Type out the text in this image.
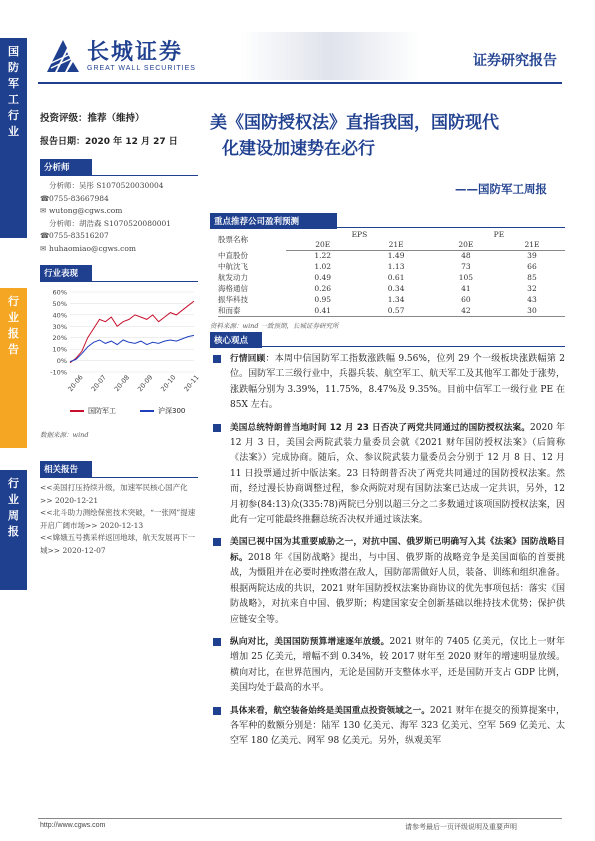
国
防
军
工
行
业
行
业
报
告
行
业
周
报
长城证券
GREAT WALL SECURITIES	证券研究报告
投资评级：推荐（维持）
报告日期：2020 年 12 月 27 日
分析师
分析师：吴彤 S1070520030004
☎0755-83667984
✉ wutong@cgws.com
分析师：胡浩森 S1070520080001
☎0755-83516207
✉ huhaomiao@cgws.com
行业表现
60%
50%
40%
30%
20%
10%
0%
-10%
20-06 20-07 20-08 20-09 20-10 20-11
国防军工	沪深300
数据来源：wind
相关报告
<<美国打压持续升级，加速军民核心国产化>> 2020-12-21
<<北斗助力测绘保密技术突破，“一张网”提速开启广阔市场>> 2020-12-13
<<嫦娥五号携采样返回地球，航天发展再下一城>> 2020-12-07
美《国防授权法》直指我国，国防现代
化建设加速势在必行
——国防军工周报
重点推荐公司盈利预测
股票名称	EPS		PE	
	20E	21E	20E	21E
中直股份	1.22	1.49	48	39
中航沈飞	1.02	1.13	73	66
航发动力	0.49	0.61	105	85
海格通信	0.26	0.34	41	32
振华科技	0.95	1.34	60	43
和而泰	0.41	0.57	42	30
资料来源：wind 一致预期，长城证券研究所
核心观点
行情回顾：本周中信国防军工指数涨跌幅 9.56%，位列 29 个一级板块涨跌幅第 2 位。国防军工三级行业中，兵器兵装、航空军工、航天军工及其他军工都处于涨势，涨跌幅分别为 3.39%，11.75%，8.47%及 9.35%。目前中信军工一级行业 PE 在 85X 左右。
美国总统特朗普当地时间 12 月 23 日否决了两党共同通过的国防授权法案。2020 年 12 月 3 日，美国会两院武装力量委员会就《2021 财年国防授权法案》（后简称《法案》）完成协商。随后，众、参议院武装力量委员会分别于 12 月 8 日、12 月 11 日投票通过折中版法案。23 日特朗普否决了两党共同通过的国防授权法案。然而，经过漫长协商调整过程，参众两院对现有国防法案已达成一定共识，另外，12 月初参(84:13)众(335:78)两院已分别以超三分之二多数通过该项国防授权法案，因此有一定可能最终推翻总统否决权并通过该法案。
美国已视中国为其重要威胁之一，对抗中国、俄罗斯已明确写入其《法案》国防战略目标。2018 年《国防战略》提出，与中国、俄罗斯的战略竞争是美国面临的首要挑战，为慑阻并在必要时挫败潜在敌人，国防部需做好人员，装备、训练和组织准备。根据两院达成的共识，2021 财年国防授权法案协商协议的优先事项包括：落实《国防战略》，对抗来自中国、俄罗斯；构建国家安全创新基础以维持技术优势；保护供应链安全等。
纵向对比，美国国防预算增速逐年放缓。2021 财年的 7405 亿美元，仅比上一财年增加 25 亿美元，增幅不到 0.34%，较 2017 财年至 2020 财年的增速明显放缓。横向对比，在世界范围内，无论是国防开支整体水平，还是国防开支占 GDP 比例，美国均处于最高的水平。
具体来看，航空装备始终是美国重点投资领域之一。2021 财年在提交的预算提案中，各军种的数额分别是：陆军 130 亿美元、海军 323 亿美元、空军 569 亿美元、太空军 180 亿美元、网军 98 亿美元。另外，纵观美军
http://www.cgws.com	请参考最后一页评级说明及重要声明
